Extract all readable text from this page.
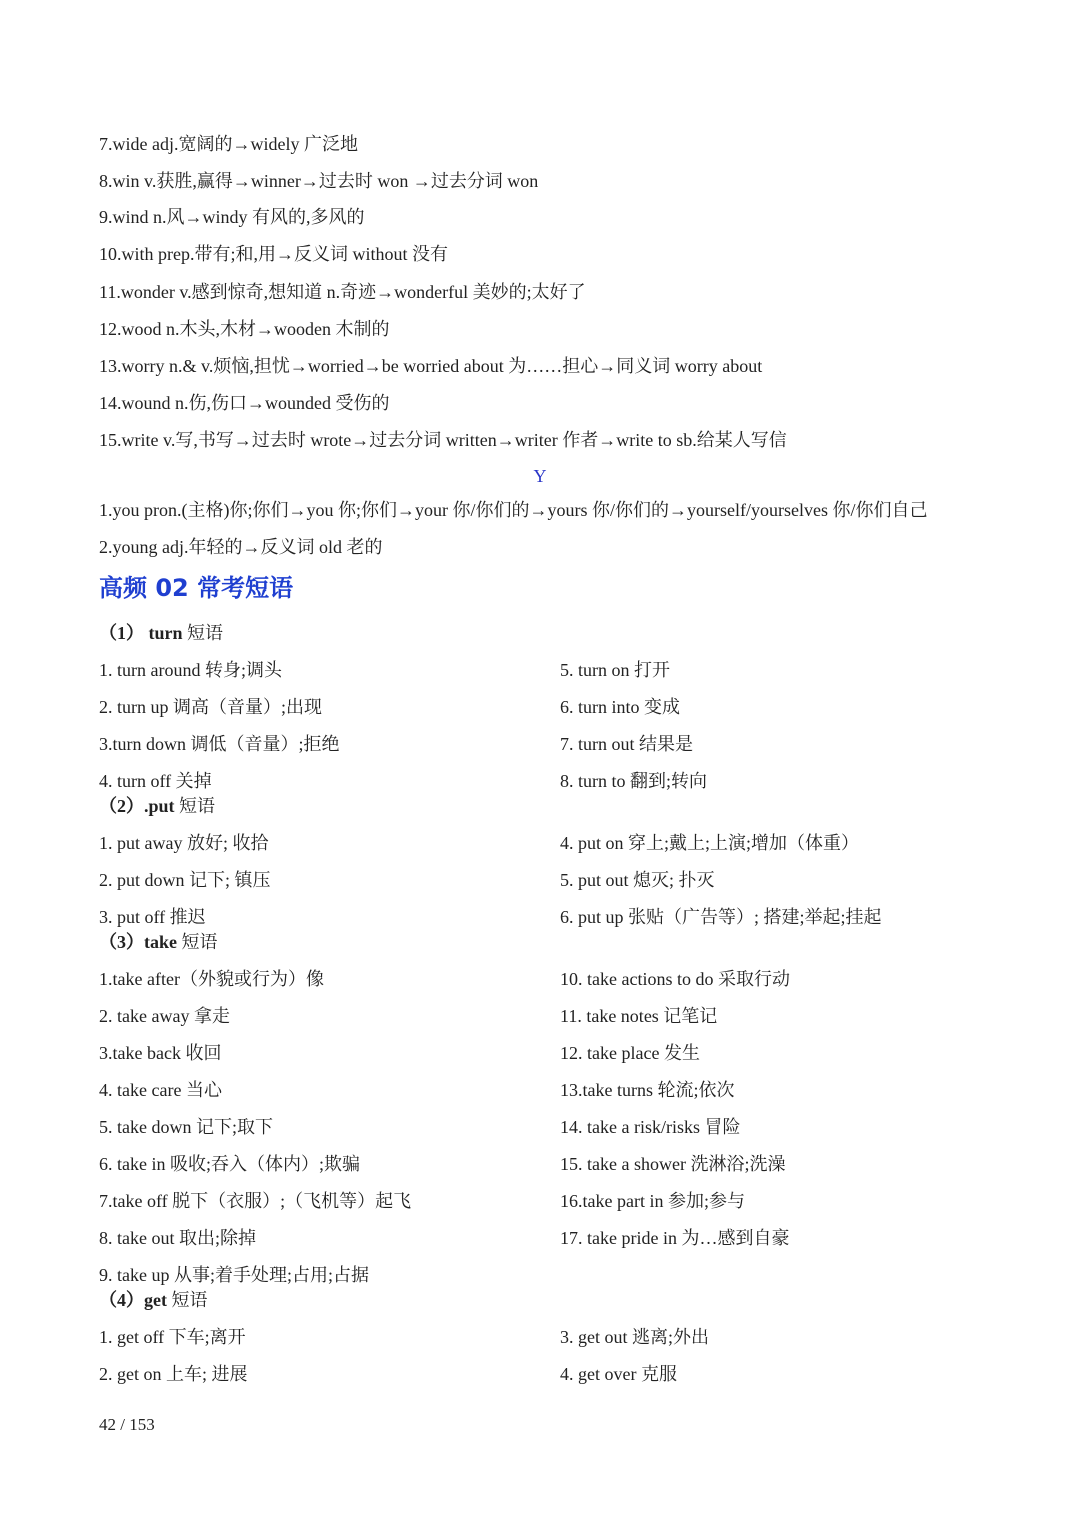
7.wide adj.宽阔的→widely 广泛地
8.win v.获胜,赢得→winner→过去时 won →过去分词 won
9.wind n.风→windy 有风的,多风的
10.with prep.带有;和,用→反义词 without 没有
11.wonder v.感到惊奇,想知道 n.奇迹→wonderful 美妙的;太好了
12.wood n.木头,木材→wooden 木制的
13.worry n.& v.烦恼,担忧→worried→be worried about 为……担心→同义词 worry about
14.wound n.伤,伤口→wounded 受伤的
15.write v.写,书写→过去时 wrote→过去分词 written→writer 作者→write to sb.给某人写信
Y
1.you pron.(主格)你;你们→you 你;你们→your 你/你们的→yours 你/你们的→yourself/yourselves 你/你们自己
2.young adj.年轻的→反义词 old 老的
高频 02 常考短语
（1） turn 短语
1. turn around 转身;调头
2. turn up 调高（音量）;出现
3.turn down 调低（音量）;拒绝
4. turn off 关掉
5. turn on 打开
6. turn into 变成
7. turn out 结果是
8. turn to 翻到;转向
（2）.put 短语
1. put away 放好; 收拾
2. put down 记下; 镇压
3. put off 推迟
4. put on 穿上;戴上;上演;增加（体重）
5. put out 熄灭; 扑灭
6. put up 张贴（广告等）; 搭建;举起;挂起
（3）take 短语
1.take after（外貌或行为）像
2. take away 拿走
3.take back 收回
4. take care 当心
5. take down 记下;取下
6. take in 吸收;吞入（体内）;欺骗
7.take off 脱下（衣服）;（飞机等）起飞
8. take out 取出;除掉
9. take up 从事;着手处理;占用;占据
10. take actions to do 采取行动
11. take notes 记笔记
12. take place 发生
13.take turns 轮流;依次
14. take a risk/risks 冒险
15. take a shower 洗淋浴;洗澡
16.take part in 参加;参与
17. take pride in 为…感到自豪
（4）get 短语
1. get off 下车;离开
2. get on 上车; 进展
3. get out 逃离;外出
4. get over 克服
42 / 153
